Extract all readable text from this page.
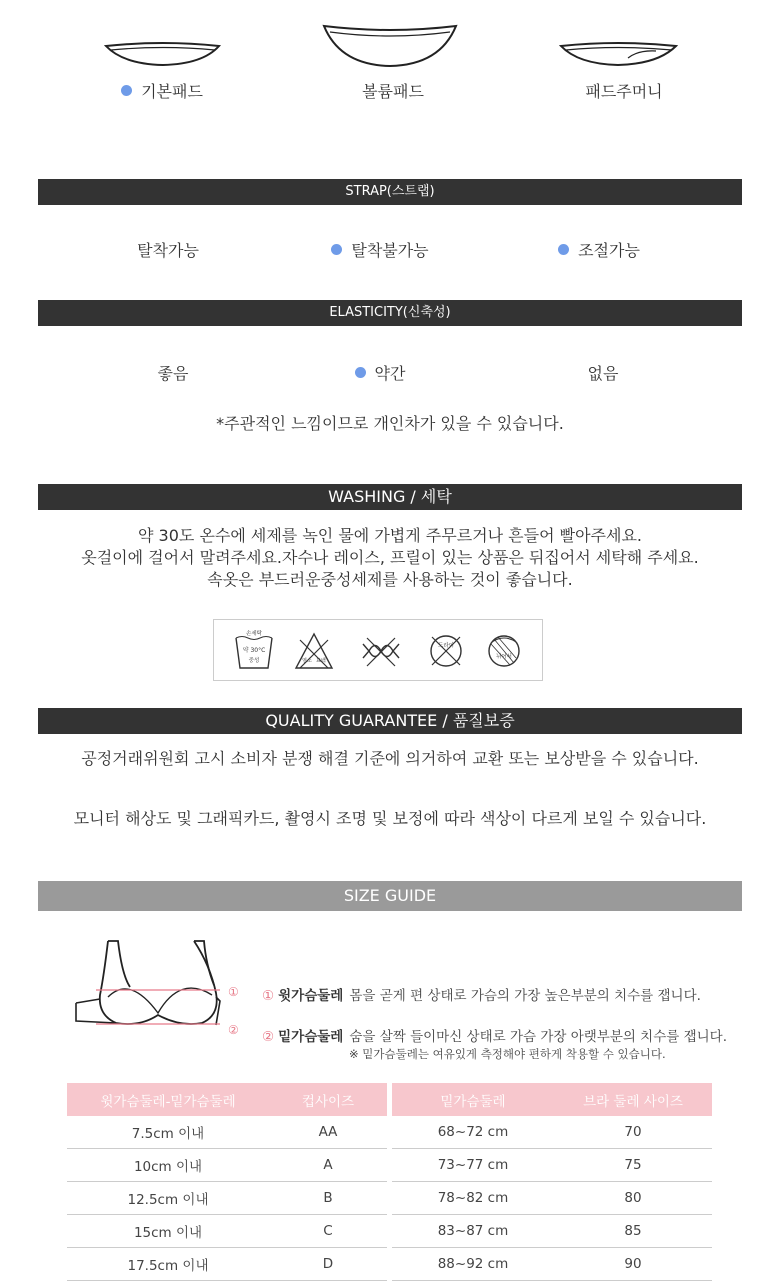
기본패드	볼륨패드	패드주머니
STRAP(스트랩)
탈착가능	탈착불가능	조절가능
ELASTICITY(신축성)
좋음	약간	없음
*주관적인 느낌이므로 개인차가 있을 수 있습니다.
WASHING / 세탁
약 30도 온수에 세제를 녹인 물에 가볍게 주무르거나 흔들어 빨아주세요.
옷걸이에 걸어서 말려주세요.자수나 레이스, 프릴이 있는 상품은 뒤집어서 세탁해 주세요.
속옷은 부드러운중성세제를 사용하는 것이 좋습니다.
손세탁
약 30°C
중성	염소 표백
드라이
뉘어서
QUALITY GUARANTEE / 품질보증
공정거래위원회 고시 소비자 분쟁 해결 기준에 의거하여 교환 또는 보상받을 수 있습니다.
모니터 해상도 및 그래픽카드, 촬영시 조명 및 보정에 따라 색상이 다르게 보일 수 있습니다.
SIZE GUIDE
①
②
① 윗가슴둘레 몸을 곧게 편 상태로 가슴의 가장 높은부분의 치수를 잽니다.
② 밑가슴둘레 숨을 살짝 들이마신 상태로 가슴 가장 아랫부분의 치수를 잽니다.
※ 밑가슴둘레는 여유있게 측정해야 편하게 착용할 수 있습니다.
윗가슴둘레-밑가슴둘레	컵사이즈
7.5cm 이내	AA
10cm 이내	A
12.5cm 이내	B
15cm 이내	C
17.5cm 이내	D
밑가슴둘레	브라 둘레 사이즈
68~72 cm	70
73~77 cm	75
78~82 cm	80
83~87 cm	85
88~92 cm	90
